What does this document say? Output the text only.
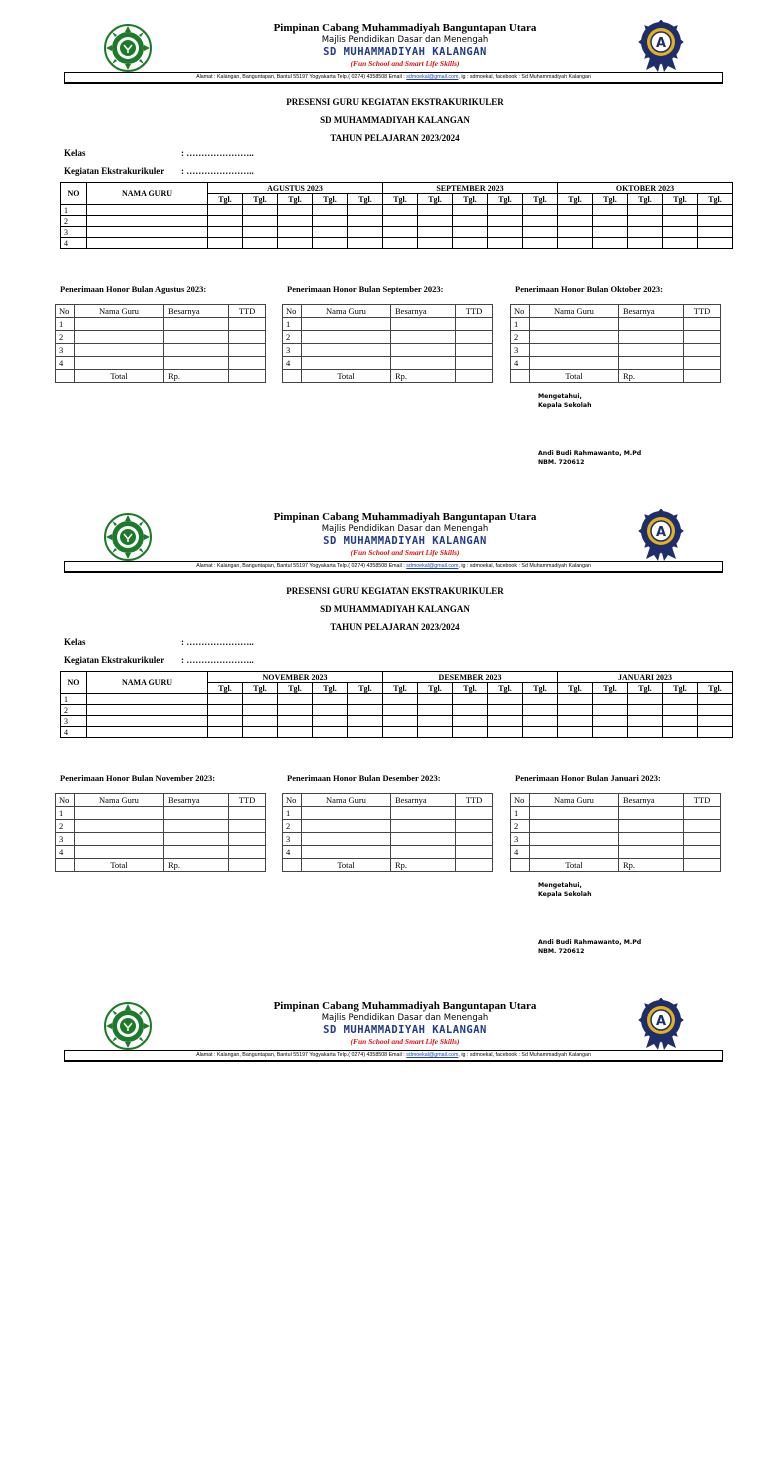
A
Pimpinan Cabang Muhammadiyah Banguntapan Utara
Majlis Pendidikan Dasar dan Menengah
SD MUHAMMADIYAH KALANGAN
(Fun School and Smart Life Skills)
Alamat : Kalangan, Banguntapan, Bantul 55197 Yogyakarta Telp.( 0274) 4358508 Email : sdmoekal@gmail.com, ig : sdmoekal, facebook : Sd Muhammadiyah Kalangan
PRESENSI GURU KEGIATAN EKSTRAKURIKULER
SD MUHAMMADIYAH KALANGAN
TAHUN PELAJARAN 2023/2024
Kelas	: …………………..
Kegiatan Ekstrakurikuler : …………………..
NO	NAMA GURU	AGUSTUS 2023					SEPTEMBER 2023					OKTOBER 2023				
		Tgl.	Tgl.	Tgl.	Tgl.	Tgl.	Tgl.	Tgl.	Tgl.	Tgl.	Tgl.	Tgl.	Tgl.	Tgl.	Tgl.	Tgl.
1																
2																
3																
4																
Penerimaan Honor Bulan Agustus 2023:
No	Nama Guru	Besarnya	TTD
1			
2			
3			
4			
	Total	Rp.	
Penerimaan Honor Bulan September 2023:
No	Nama Guru	Besarnya	TTD
1			
2			
3			
4			
	Total	Rp.	
Penerimaan Honor Bulan Oktober 2023:
No	Nama Guru	Besarnya	TTD
1			
2			
3			
4			
	Total	Rp.	
Mengetahui,
Kepala Sekolah
Andi Budi Rahmawanto, M.Pd
NBM. 720612
A
Pimpinan Cabang Muhammadiyah Banguntapan Utara
Majlis Pendidikan Dasar dan Menengah
SD MUHAMMADIYAH KALANGAN
(Fun School and Smart Life Skills)
Alamat : Kalangan, Banguntapan, Bantul 55197 Yogyakarta Telp.( 0274) 4358508 Email : sdmoekal@gmail.com, ig : sdmoekal, facebook : Sd Muhammadiyah Kalangan
PRESENSI GURU KEGIATAN EKSTRAKURIKULER
SD MUHAMMADIYAH KALANGAN
TAHUN PELAJARAN 2023/2024
Kelas	: …………………..
Kegiatan Ekstrakurikuler : …………………..
NO	NAMA GURU	NOVEMBER 2023					DESEMBER 2023					JANUARI 2023				
		Tgl.	Tgl.	Tgl.	Tgl.	Tgl.	Tgl.	Tgl.	Tgl.	Tgl.	Tgl.	Tgl.	Tgl.	Tgl.	Tgl.	Tgl.
1																
2																
3																
4																
Penerimaan Honor Bulan November 2023:
No	Nama Guru	Besarnya	TTD
1			
2			
3			
4			
	Total	Rp.	
Penerimaan Honor Bulan Desember 2023:
No	Nama Guru	Besarnya	TTD
1			
2			
3			
4			
	Total	Rp.	
Penerimaan Honor Bulan Januari 2023:
No	Nama Guru	Besarnya	TTD
1			
2			
3			
4			
	Total	Rp.	
Mengetahui,
Kepala Sekolah
Andi Budi Rahmawanto, M.Pd
NBM. 720612
A
Pimpinan Cabang Muhammadiyah Banguntapan Utara
Majlis Pendidikan Dasar dan Menengah
SD MUHAMMADIYAH KALANGAN
(Fun School and Smart Life Skills)
Alamat : Kalangan, Banguntapan, Bantul 55197 Yogyakarta Telp.( 0274) 4358508 Email : sdmoekal@gmail.com, ig : sdmoekal, facebook : Sd Muhammadiyah Kalangan
